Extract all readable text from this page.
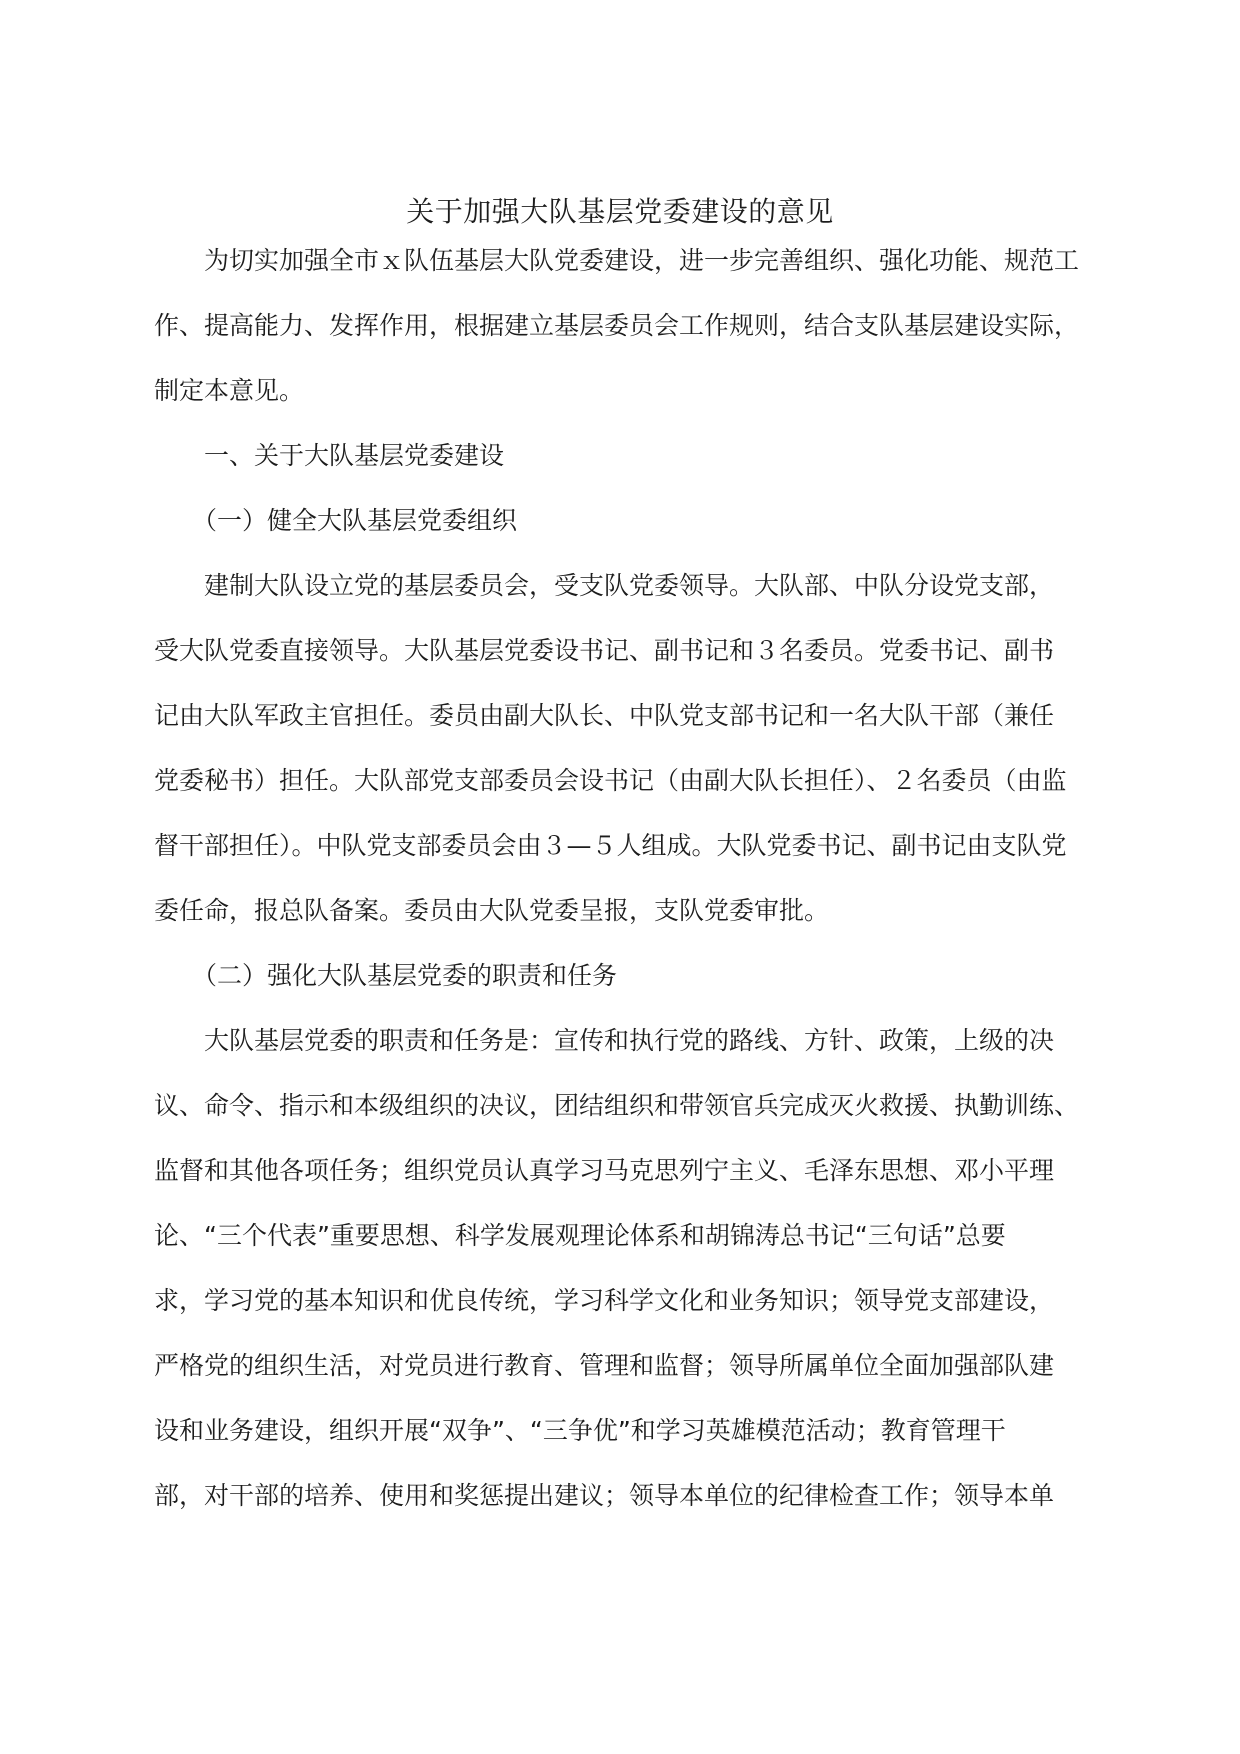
关于加强大队基层党委建设的意见
为切实加强全市ｘ队伍基层大队党委建设，进一步完善组织、强化功能、规范工
作、提高能力、发挥作用，根据建立基层委员会工作规则，结合支队基层建设实际，
制定本意见。
一、关于大队基层党委建设
（一）健全大队基层党委组织
建制大队设立党的基层委员会，受支队党委领导。大队部、中队分设党支部，
受大队党委直接领导。大队基层党委设书记、副书记和３名委员。党委书记、副书
记由大队军政主官担任。委员由副大队长、中队党支部书记和一名大队干部（兼任
党委秘书）担任。大队部党支部委员会设书记（由副大队长担任）、２名委员（由监
督干部担任）。中队党支部委员会由３—５人组成。大队党委书记、副书记由支队党
委任命，报总队备案。委员由大队党委呈报，支队党委审批。
（二）强化大队基层党委的职责和任务
大队基层党委的职责和任务是：宣传和执行党的路线、方针、政策，上级的决
议、命令、指示和本级组织的决议，团结组织和带领官兵完成灭火救援、执勤训练、
监督和其他各项任务；组织党员认真学习马克思列宁主义、毛泽东思想、邓小平理
论、“三个代表”重要思想、科学发展观理论体系和胡锦涛总书记“三句话”总要
求，学习党的基本知识和优良传统，学习科学文化和业务知识；领导党支部建设，
严格党的组织生活，对党员进行教育、管理和监督；领导所属单位全面加强部队建
设和业务建设，组织开展“双争”、“三争优”和学习英雄模范活动；教育管理干
部，对干部的培养、使用和奖惩提出建议；领导本单位的纪律检查工作；领导本单
